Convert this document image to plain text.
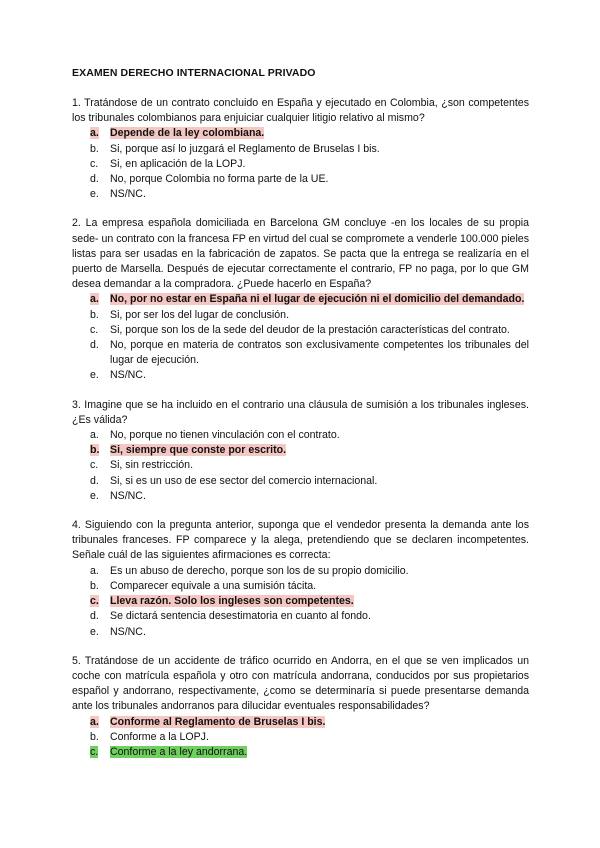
EXAMEN DERECHO INTERNACIONAL PRIVADO

1. Tratándose de un contrato concluido en España y ejecutado en Colombia, ¿son competentes los tribunales colombianos para enjuiciar cualquier litigio relativo al mismo?

a.	Depende de la ley colombiana.
b.	Si, porque así lo juzgará el Reglamento de Bruselas I bis.
c.	Si, en aplicación de la LOPJ.
d.	No, porque Colombia no forma parte de la UE.
e.	NS/NC.

2. La empresa española domiciliada en Barcelona GM concluye -en los locales de su propia sede- un contrato con la francesa FP en virtud del cual se compromete a venderle 100.000 pieles listas para ser usadas en la fabricación de zapatos. Se pacta que la entrega se realizaría en el puerto de Marsella. Después de ejecutar correctamente el contrario, FP no paga, por lo que GM desea demandar a la compradora. ¿Puede hacerlo en España?

a.	No, por no estar en España ni el lugar de ejecución ni el domicilio del demandado.
b.	Si, por ser los del lugar de conclusión.
c.	Si, porque son los de la sede del deudor de la prestación características del contrato.
d.	No, porque en materia de contratos son exclusivamente competentes los tribunales del lugar de ejecución.
e.	NS/NC.

3. Imagine que se ha incluido en el contrario una cláusula de sumisión a los tribunales ingleses. ¿Es válida?

a.	No, porque no tienen vinculación con el contrato.
b. Si, siempre que conste por escrito.
c.	Si, sin restricción.
d.	Si, si es un uso de ese sector del comercio internacional.
e.	NS/NC.

4. Siguiendo con la pregunta anterior, suponga que el vendedor presenta la demanda ante los tribunales franceses. FP comparece y la alega, pretendiendo que se declaren incompetentes. Señale cuál de las siguientes afirmaciones es correcta:

a.	Es un abuso de derecho, porque son los de su propio domicilio.
b.	Comparecer equivale a una sumisión tácita.
c.	Lleva razón. Solo los ingleses son competentes.
d.	Se dictará sentencia desestimatoria en cuanto al fondo.
e.	NS/NC.

5. Tratándose de un accidente de tráfico ocurrido en Andorra, en el que se ven implicados un coche con matrícula española y otro con matrícula andorrana, conducidos por sus propietarios español y andorrano, respectivamente, ¿como se determinaría si puede presentarse demanda ante los tribunales andorranos para dilucidar eventuales responsabilidades?

a.	Conforme al Reglamento de Bruselas I bis.
b.	Conforme a la LOPJ.
c.	Conforme a la ley andorrana.
